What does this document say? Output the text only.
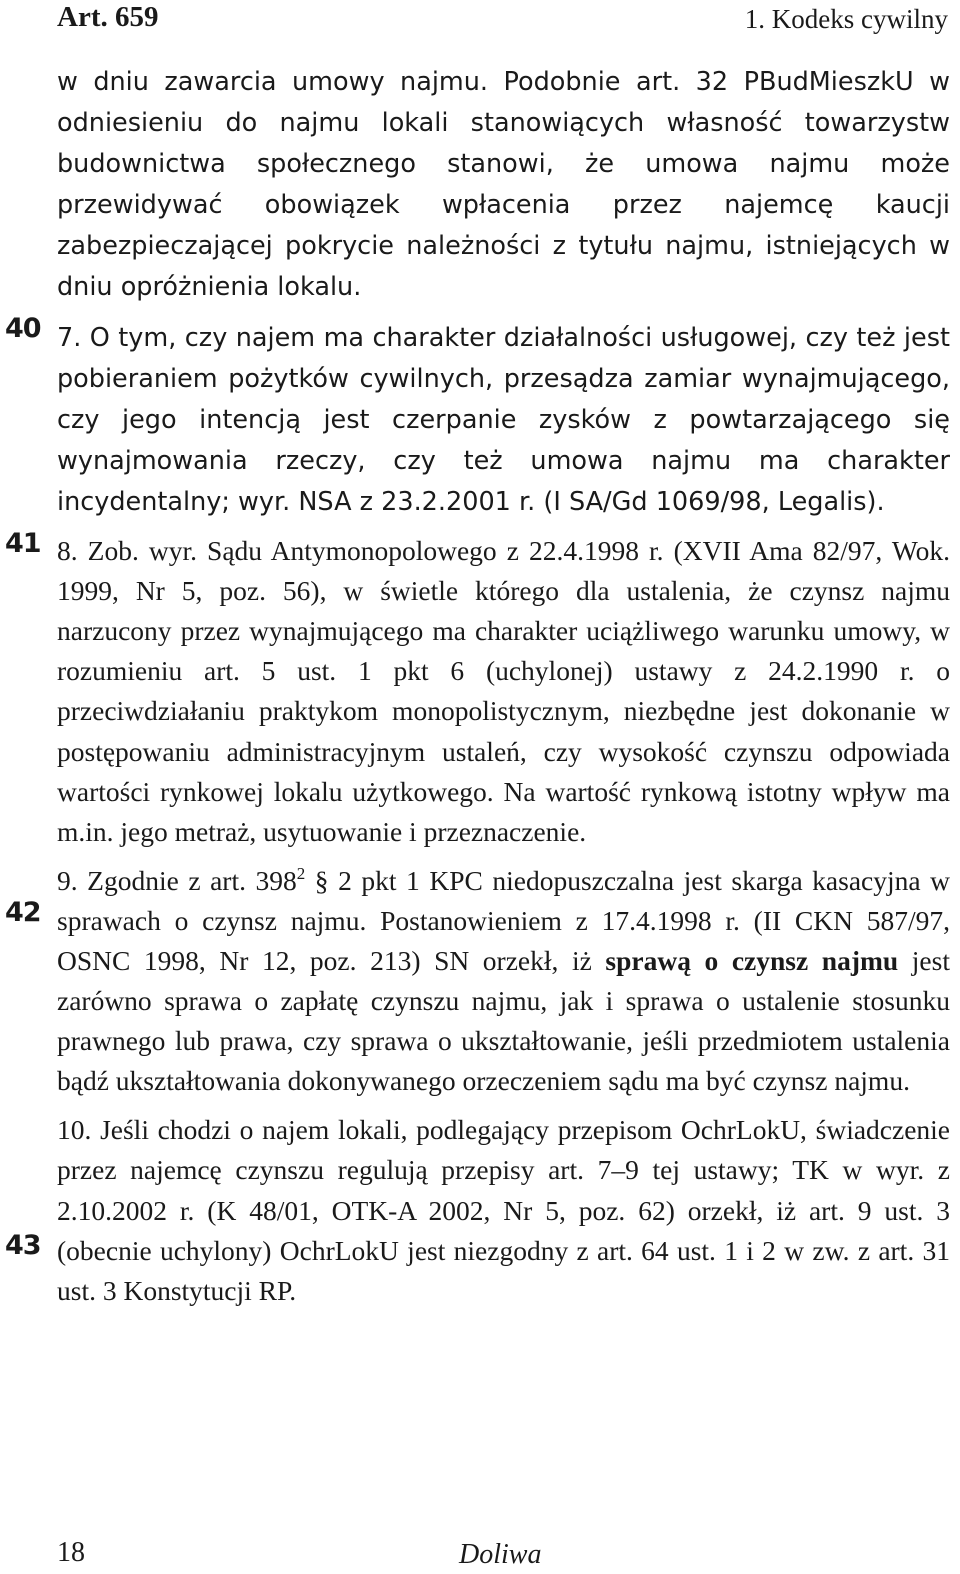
Art. 659	1. Kodeks cywilny
40
41
42
43

w dniu zawarcia umowy najmu. Podobnie art. 32 PBudMieszkU w odniesieniu do najmu lokali stanowiących własność towarzystw budownictwa społecznego stanowi, że umowa najmu może przewidywać obowiązek wpłacenia przez najemcę kaucji zabezpieczającej pokrycie należności z tytułu najmu, istniejących w dniu opróżnienia lokalu.

7. O tym, czy najem ma charakter działalności usługowej, czy też jest pobieraniem pożytków cywilnych, przesądza zamiar wynajmującego, czy jego intencją jest czerpanie zysków z powtarzającego się wynajmowania rzeczy, czy też umowa najmu ma charakter incydentalny; wyr. NSA z 23.2.2001 r. (I SA/Gd 1069/98, Legalis).

8. Zob. wyr. Sądu Antymonopolowego z 22.4.1998 r. (XVII Ama 82/97, Wok. 1999, Nr 5, poz. 56), w świetle którego dla ustalenia, że czynsz najmu narzucony przez wynajmującego ma charakter uciążliwego warunku umowy, w rozumieniu art. 5 ust. 1 pkt 6 (uchylonej) ustawy z 24.2.1990 r. o przeciwdziałaniu praktykom monopolistycznym, niezbędne jest dokonanie w postępowaniu administracyjnym ustaleń, czy wysokość czynszu odpowiada wartości rynkowej lokalu użytkowego. Na wartość rynkową istotny wpływ ma m.in. jego metraż, usytuowanie i przeznaczenie.

9. Zgodnie z art. $398^2$ § 2 pkt 1 KPC niedopuszczalna jest skarga kasacyjna w sprawach o czynsz najmu. Postanowieniem z 17.4.1998 r. (II CKN 587/97, OSNC 1998, Nr 12, poz. 213) SN orzekł, iż sprawą o czynsz najmu jest zarówno sprawa o zapłatę czynszu najmu, jak i sprawa o ustalenie stosunku prawnego lub prawa, czy sprawa o ukształtowanie, jeśli przedmiotem ustalenia bądź ukształtowania dokonywanego orzeczeniem sądu ma być czynsz najmu.

10. Jeśli chodzi o najem lokali, podlegający przepisom OchrLokU, świadczenie przez najemcę czynszu regulują przepisy art. 7–9 tej ustawy; TK w wyr. z 2.10.2002 r. (K 48/01, OTK-A 2002, Nr 5, poz. 62) orzekł, iż art. 9 ust. 3 (obecnie uchylony) OchrLokU jest niezgodny z art. 64 ust. 1 i 2 w zw. z art. 31 ust. 3 Konstytucji RP.

18	Doliwa
